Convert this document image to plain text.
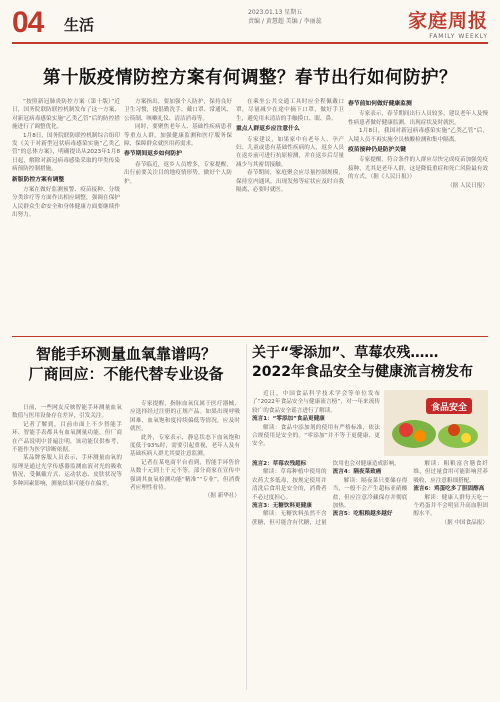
04 生活
2023.01.13 星期五
责编 / 黄慧超 美编 / 李丽蕊	家庭周报
FAMILY WEEKLY
第十版疫情防控方案有何调整？春节出行如何防护？

“按照新冠肺炎防控方案（第十版）”近日，国务院联防联控机制发布了这一方案，对新冠病毒感染实施“乙类乙管”后的防控措施进行了调整优化。

1月8日，国务院联防联控机制综合组印发《关于对新型冠状病毒感染实施“乙类乙管”的总体方案》，明确提出从2023年1月8日起，解除对新冠病毒感染采取的甲类传染病预防控制措施。

新版防控方案有调整

方案在做好监测预警、疫苗接种、分级分类诊疗等方面作出相应调整，强调在保护人民群众生命安全和身体健康方面要继续作出努力。

方案指出，要加强个人防护，保持良好卫生习惯，提倡勤洗手、戴口罩、常通风、公筷制、咳嗽礼仪、清洁消毒等。

同时，要聚焦老年人、基础性疾病患者等重点人群，加强健康监测和医疗服务保障，保障群众就医用药需求。

春节期间返乡如何防护

春节临近，返乡人员增多，专家提醒，出行前要关注目的地疫情形势，做好个人防护。

在乘坐公共交通工具时应全程佩戴口罩，尽量减少在途中摘下口罩，做好手卫生，避免用未清洁的手触摸口、眼、鼻。

重点人群返乡应注意什么

专家建议，如果家中有老年人、孕产妇、儿童或患有基础性疾病的人，返乡人员在返乡前可进行抗原检测，并在返乡后尽量减少与其密切接触。

春节期间，家庭聚会应尽量控制规模，保持室内通风，出现发热等症状应及时自我隔离，必要时就医。

春节前如何做好健康监测

专家表示，春节期间出行人员较多，建议老年人及慢性病患者做好健康监测，出现症状及时就医。

1月8日，我国对新冠病毒感染实施“乙类乙管”后，入境人员不再实施全员核酸检测和集中隔离。

疫苗接种仍是防护关键

专家提醒，符合条件的人群应尽快完成疫苗加强免疫接种，尤其是老年人群，这是降低重症和死亡风险最有效的方式。（据《人民日报》）

（据 人民日报）

智能手环测量血氧靠谱吗？
厂商回应：不能代替专业设备

日前，一些网友反映智能手环测量血氧数值与医用设备存在差异，引发关注。

记者了解到，目前市面上不少智能手环、智能手表都具有血氧测量功能，但厂商在产品说明中普遍注明，该功能仅供参考，不能作为医学诊断依据。

某品牌客服人员表示，手环测量血氧的原理是通过光学传感器监测血液对光的吸收情况，受佩戴方式、运动状态、皮肤状况等多种因素影响，测量结果可能存在偏差。

专家提醒，指脉血氧仪属于医疗器械，应选择经过注册的正规产品。如果出现呼吸困难、血氧饱和度持续偏低等情况，应及时就医。

此外，专家表示，静息状态下血氧饱和度低于93%时，需要引起重视，老年人及有基础疾病人群尤其要注意监测。

记者在某电商平台看到，智能手环售价从数十元到上千元不等，部分商家在宣传中强调其血氧检测功能“精准”“专业”，但消费者应理性看待。

（据 新华社）

关于“零添加”、草莓农残……
2022年食品安全与健康流言榜发布
食品安全

近日，中国食品科学技术学会等单位发布了“2022年食品安全与健康流言榜”，对一年来流传较广的食品安全谣言进行了解读。

流言1：“零添加”食品更健康

解读：食品中添加剂的使用有严格标准，依法合规使用是安全的。“零添加”并不等于更健康、更安全。

流言2：草莓农残超标

解读：草莓种植中使用的农药大多低毒，按规定使用并清洗后食用是安全的，消费者不必过度担心。

流言3：无糖饮料更健康

解读：无糖饮料虽然不含蔗糖，但可能含有代糖，过量饮用也会对健康造成影响。

流言4：隔夜菜致癌

解读：隔夜菜只要储存得当，一般不会产生超标亚硝酸盐，但应注意冷藏保存并彻底加热。

流言5：吃粗粮越多越好

解读：粗粮富含膳食纤维，但过量食用可能影响营养吸收，应注意粗细搭配。

流言6：鸡蛋吃多了胆固醇高

解读：健康人群每天吃一个鸡蛋并不会明显升高血胆固醇水平。

（据 中国食品报）
